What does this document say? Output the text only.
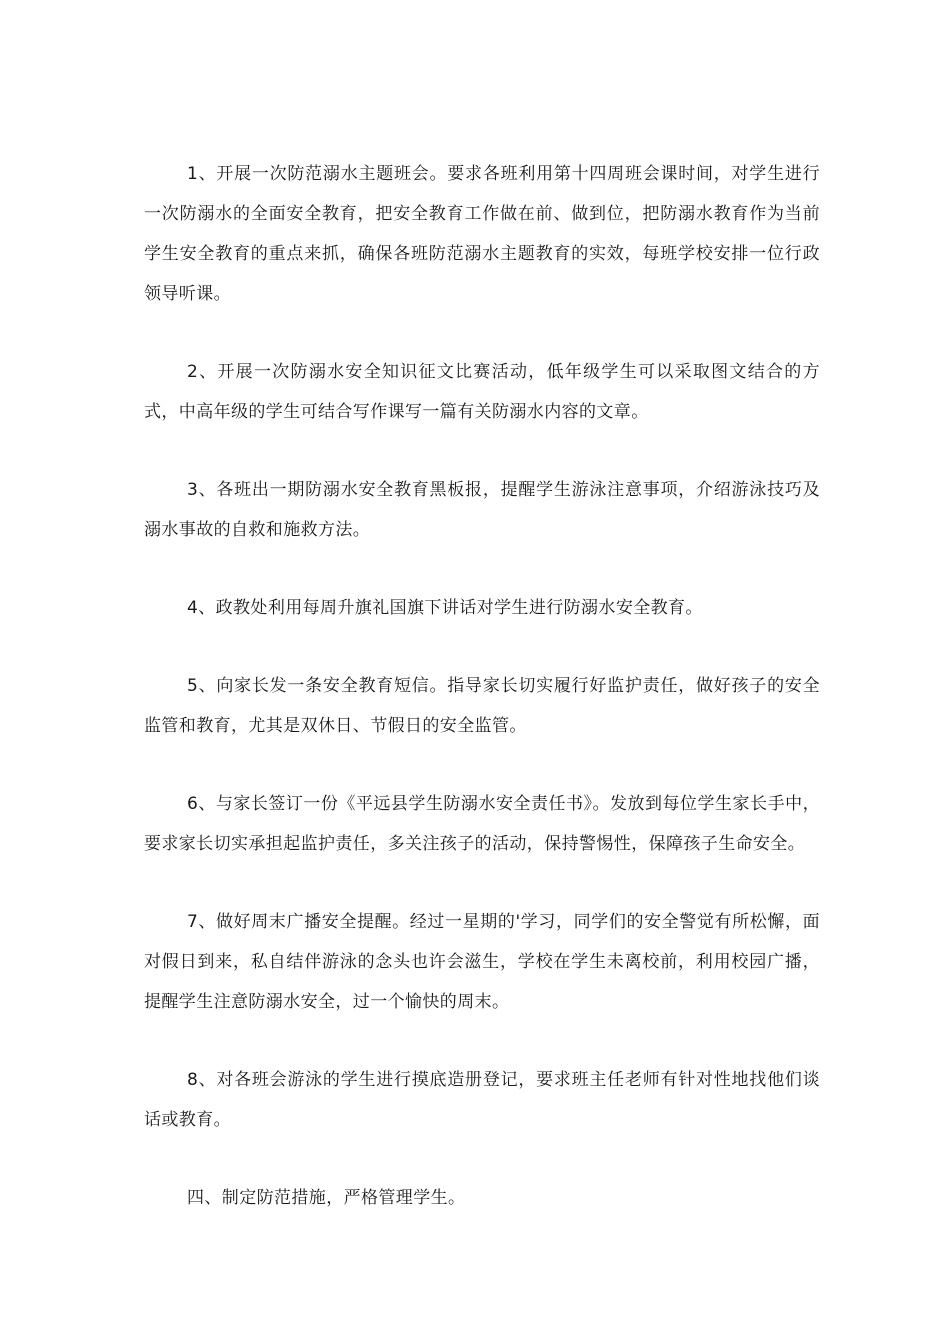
1、开展一次防范溺水主题班会。要求各班利用第十四周班会课时间，对学生进行一次防溺水的全面安全教育，把安全教育工作做在前、做到位，把防溺水教育作为当前学生安全教育的重点来抓，确保各班防范溺水主题教育的实效，每班学校安排一位行政领导听课。

2、开展一次防溺水安全知识征文比赛活动，低年级学生可以采取图文结合的方式，中高年级的学生可结合写作课写一篇有关防溺水内容的文章。

3、各班出一期防溺水安全教育黑板报，提醒学生游泳注意事项，介绍游泳技巧及溺水事故的自救和施救方法。

4、政教处利用每周升旗礼国旗下讲话对学生进行防溺水安全教育。

5、向家长发一条安全教育短信。指导家长切实履行好监护责任，做好孩子的安全监管和教育，尤其是双休日、节假日的安全监管。

6、与家长签订一份《平远县学生防溺水安全责任书》。发放到每位学生家长手中，要求家长切实承担起监护责任，多关注孩子的活动，保持警惕性，保障孩子生命安全。

7、做好周末广播安全提醒。经过一星期的'学习，同学们的安全警觉有所松懈，面对假日到来，私自结伴游泳的念头也许会滋生，学校在学生未离校前，利用校园广播，提醒学生注意防溺水安全，过一个愉快的周末。

8、对各班会游泳的学生进行摸底造册登记，要求班主任老师有针对性地找他们谈话或教育。

四、制定防范措施，严格管理学生。
